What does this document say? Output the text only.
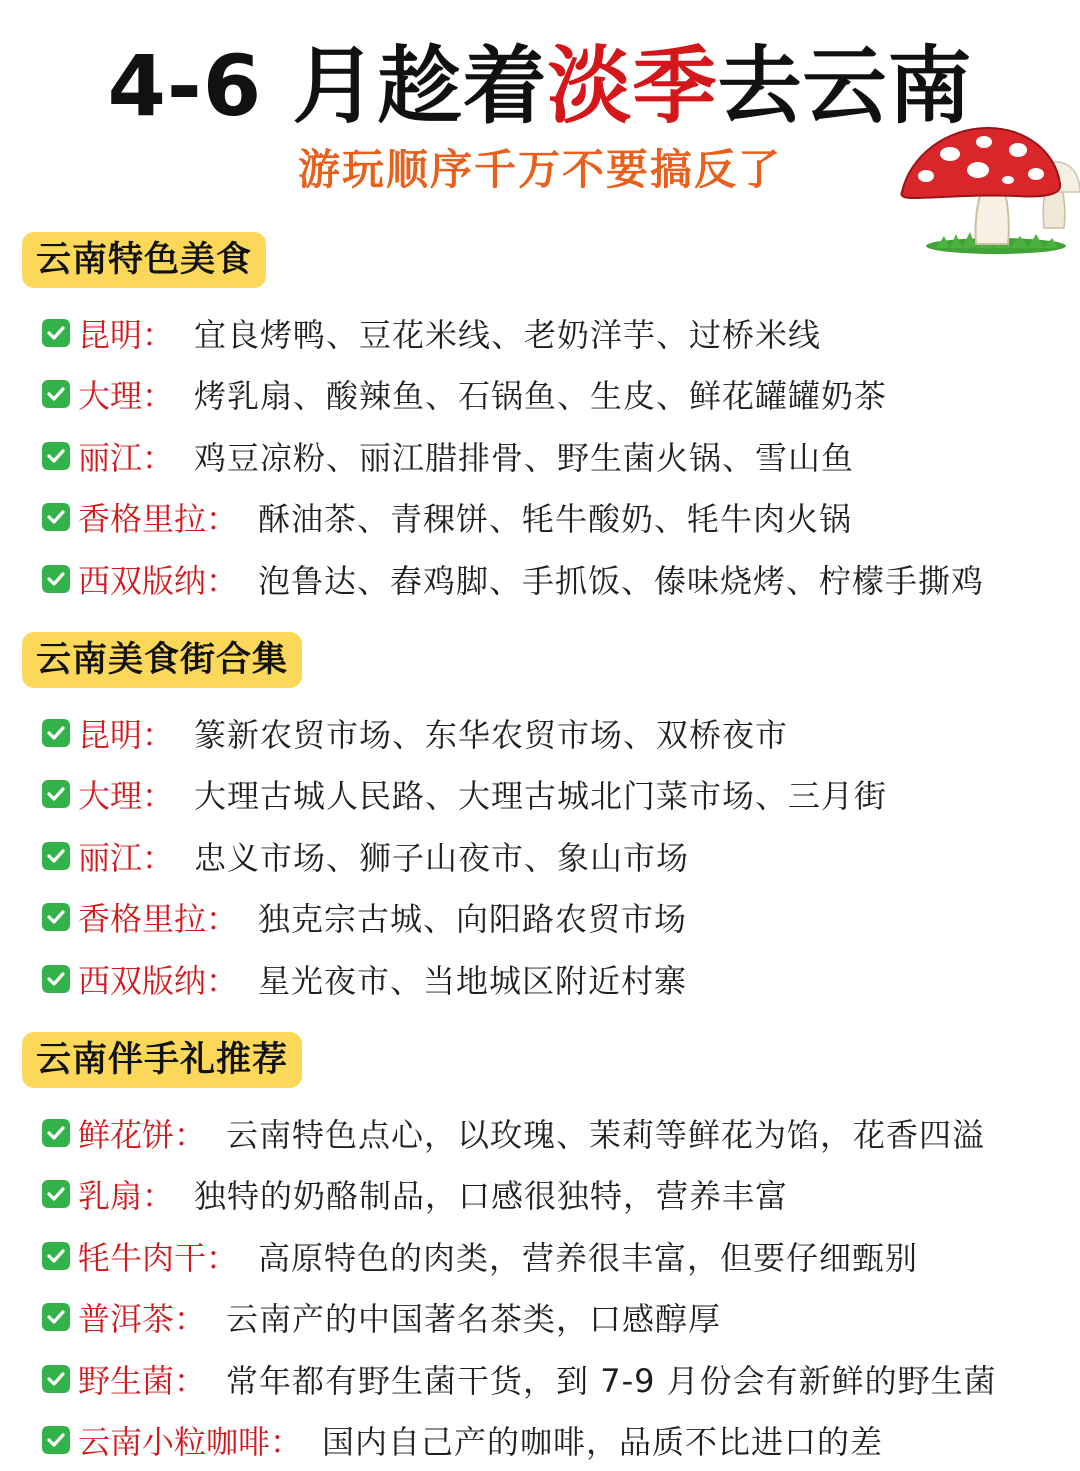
4-6 月趁着淡季去云南
游玩顺序千万不要搞反了
云南特色美食
昆明 ： 宜良烤鸭、豆花米线、老奶洋芋、过桥米线
大理 ： 烤乳扇、酸辣鱼、石锅鱼、生皮、鲜花罐罐奶茶
丽江 ： 鸡豆凉粉、丽江腊排骨、野生菌火锅、雪山鱼
香格里拉 ： 酥油茶、青稞饼、牦牛酸奶、牦牛肉火锅
西双版纳 ： 泡鲁达、舂鸡脚、手抓饭、傣味烧烤、柠檬手撕鸡
云南美食街合集
昆明 ： 篆新农贸市场、东华农贸市场、双桥夜市
大理 ： 大理古城人民路、大理古城北门菜市场、三月街
丽江 ： 忠义市场、狮子山夜市、象山市场
香格里拉 ： 独克宗古城、向阳路农贸市场
西双版纳 ： 星光夜市、当地城区附近村寨
云南伴手礼推荐
鲜花饼 ： 云南特色点心，以玫瑰、茉莉等鲜花为馅，花香四溢
乳扇 ： 独特的奶酪制品，口感很独特，营养丰富
牦牛肉干 ： 高原特色的肉类，营养很丰富，但要仔细甄别
普洱茶 ： 云南产的中国著名茶类，口感醇厚
野生菌 ： 常年都有野生菌干货，到 7-9 月份会有新鲜的野生菌
云南小粒咖啡 ： 国内自己产的咖啡，品质不比进口的差
